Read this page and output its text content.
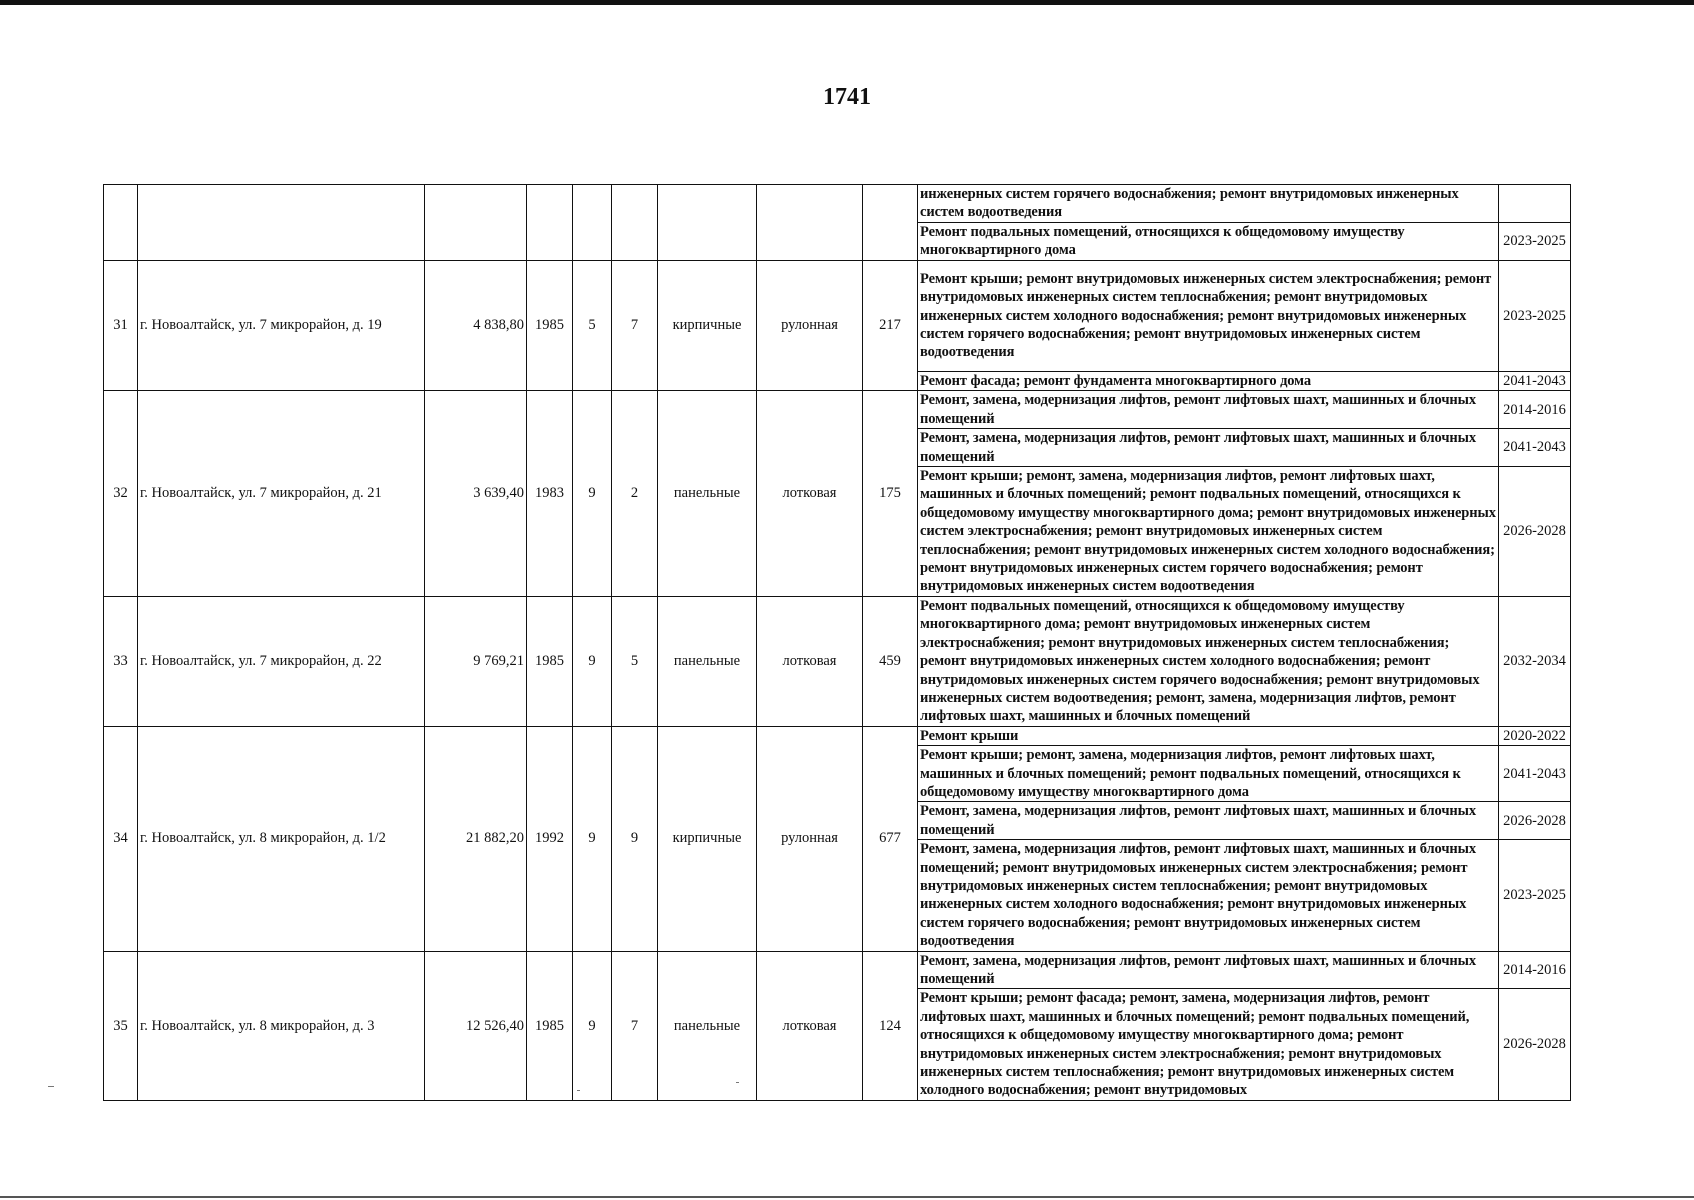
1741
									инженерных систем горячего водоснабжения; ремонт внутридомовых инженерных систем водоотведения	
									Ремонт подвальных помещений, относящихся к общедомовому имуществу многоквартирного дома	2023-2025
31	г. Новоалтайск, ул. 7 микрорайон, д. 19	4 838,80	1985	5	7	кирпичные	рулонная	217	Ремонт крыши; ремонт внутридомовых инженерных систем электроснабжения; ремонт внутридомовых инженерных систем теплоснабжения; ремонт внутридомовых инженерных систем холодного водоснабжения; ремонт внутридомовых инженерных систем горячего водоснабжения; ремонт внутридомовых инженерных систем водоотведения	2023-2025
									Ремонт фасада; ремонт фундамента многоквартирного дома	2041-2043
32	г. Новоалтайск, ул. 7 микрорайон, д. 21	3 639,40	1983	9	2	панельные	лотковая	175	Ремонт, замена, модернизация лифтов, ремонт лифтовых шахт, машинных и блочных помещений	2014-2016
									Ремонт, замена, модернизация лифтов, ремонт лифтовых шахт, машинных и блочных помещений	2041-2043
									Ремонт крыши; ремонт, замена, модернизация лифтов, ремонт лифтовых шахт, машинных и блочных помещений; ремонт подвальных помещений, относящихся к общедомовому имуществу многоквартирного дома; ремонт внутридомовых инженерных систем электроснабжения; ремонт внутридомовых инженерных систем теплоснабжения; ремонт внутридомовых инженерных систем холодного водоснабжения; ремонт внутридомовых инженерных систем горячего водоснабжения; ремонт внутридомовых инженерных систем водоотведения	2026-2028
33	г. Новоалтайск, ул. 7 микрорайон, д. 22	9 769,21	1985	9	5	панельные	лотковая	459	Ремонт подвальных помещений, относящихся к общедомовому имуществу многоквартирного дома; ремонт внутридомовых инженерных систем электроснабжения; ремонт внутридомовых инженерных систем теплоснабжения; ремонт внутридомовых инженерных систем холодного водоснабжения; ремонт внутридомовых инженерных систем горячего водоснабжения; ремонт внутридомовых инженерных систем водоотведения; ремонт, замена, модернизация лифтов, ремонт лифтовых шахт, машинных и блочных помещений	2032-2034
34	г. Новоалтайск, ул. 8 микрорайон, д. 1/2	21 882,20	1992	9	9	кирпичные	рулонная	677	Ремонт крыши	2020-2022
									Ремонт крыши; ремонт, замена, модернизация лифтов, ремонт лифтовых шахт, машинных и блочных помещений; ремонт подвальных помещений, относящихся к общедомовому имуществу многоквартирного дома	2041-2043
									Ремонт, замена, модернизация лифтов, ремонт лифтовых шахт, машинных и блочных помещений	2026-2028
									Ремонт, замена, модернизация лифтов, ремонт лифтовых шахт, машинных и блочных помещений; ремонт внутридомовых инженерных систем электроснабжения; ремонт внутридомовых инженерных систем теплоснабжения; ремонт внутридомовых инженерных систем холодного водоснабжения; ремонт внутридомовых инженерных систем горячего водоснабжения; ремонт внутридомовых инженерных систем водоотведения	2023-2025
35	г. Новоалтайск, ул. 8 микрорайон, д. 3	12 526,40	1985	9	7	панельные	лотковая	124	Ремонт, замена, модернизация лифтов, ремонт лифтовых шахт, машинных и блочных помещений	2014-2016
									Ремонт крыши; ремонт фасада; ремонт, замена, модернизация лифтов, ремонт лифтовых шахт, машинных и блочных помещений; ремонт подвальных помещений, относящихся к общедомовому имуществу многоквартирного дома; ремонт внутридомовых инженерных систем электроснабжения; ремонт внутридомовых инженерных систем теплоснабжения; ремонт внутридомовых инженерных систем холодного водоснабжения; ремонт внутридомовых	2026-2028
